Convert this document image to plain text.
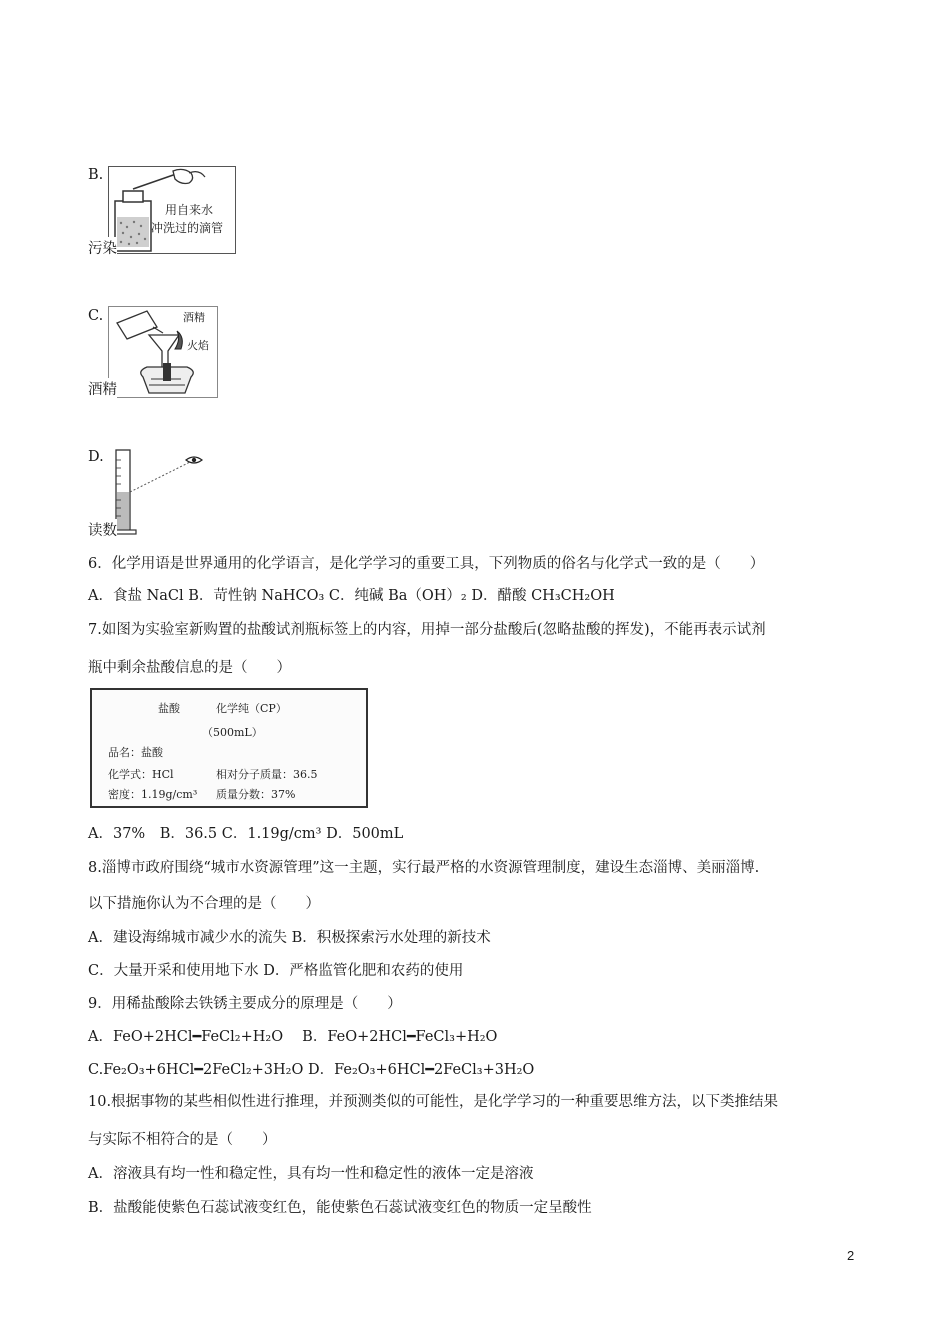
B.
用自来水
冲洗过的滴管
污染
C.	酒精
火焰
酒精
D.
读数
6．化学用语是世界通用的化学语言，是化学学习的重要工具，下列物质的俗名与化学式一致的是（　　）
A．食盐 NaCl B．苛性钠 NaHCO₃ C．纯碱 Ba（OH）₂ D．醋酸 CH₃CH₂OH
7.如图为实验室新购置的盐酸试剂瓶标签上的内容，用掉一部分盐酸后(忽略盐酸的挥发)，不能再表示试剂
瓶中剩余盐酸信息的是（　　）
盐酸	化学纯（CP）
（500mL）
品名：盐酸
化学式：HCl	相对分子质量：36.5
密度：1.19g/cm³ 质量分数：37%
A．37%　B．36.5 C．1.19g/cm³ D．500mL
8.淄博市政府围绕“城市水资源管理”这一主题，实行最严格的水资源管理制度，建设生态淄博、美丽淄博.
以下措施你认为不合理的是（　　）
A．建设海绵城市减少水的流失 B．积极探索污水处理的新技术
C．大量开采和使用地下水 D．严格监管化肥和农药的使用
9．用稀盐酸除去铁锈主要成分的原理是（　　）
A．FeO+2HCl━FeCl₂+H₂O　 B．FeO+2HCl━FeCl₃+H₂O
C.Fe₂O₃+6HCl━2FeCl₂+3H₂O D．Fe₂O₃+6HCl━2FeCl₃+3H₂O
10.根据事物的某些相似性进行推理，并预测类似的可能性，是化学学习的一种重要思维方法，以下类推结果
与实际不相符合的是（　　）
A．溶液具有均一性和稳定性，具有均一性和稳定性的液体一定是溶液
B．盐酸能使紫色石蕊试液变红色，能使紫色石蕊试液变红色的物质一定呈酸性
2
